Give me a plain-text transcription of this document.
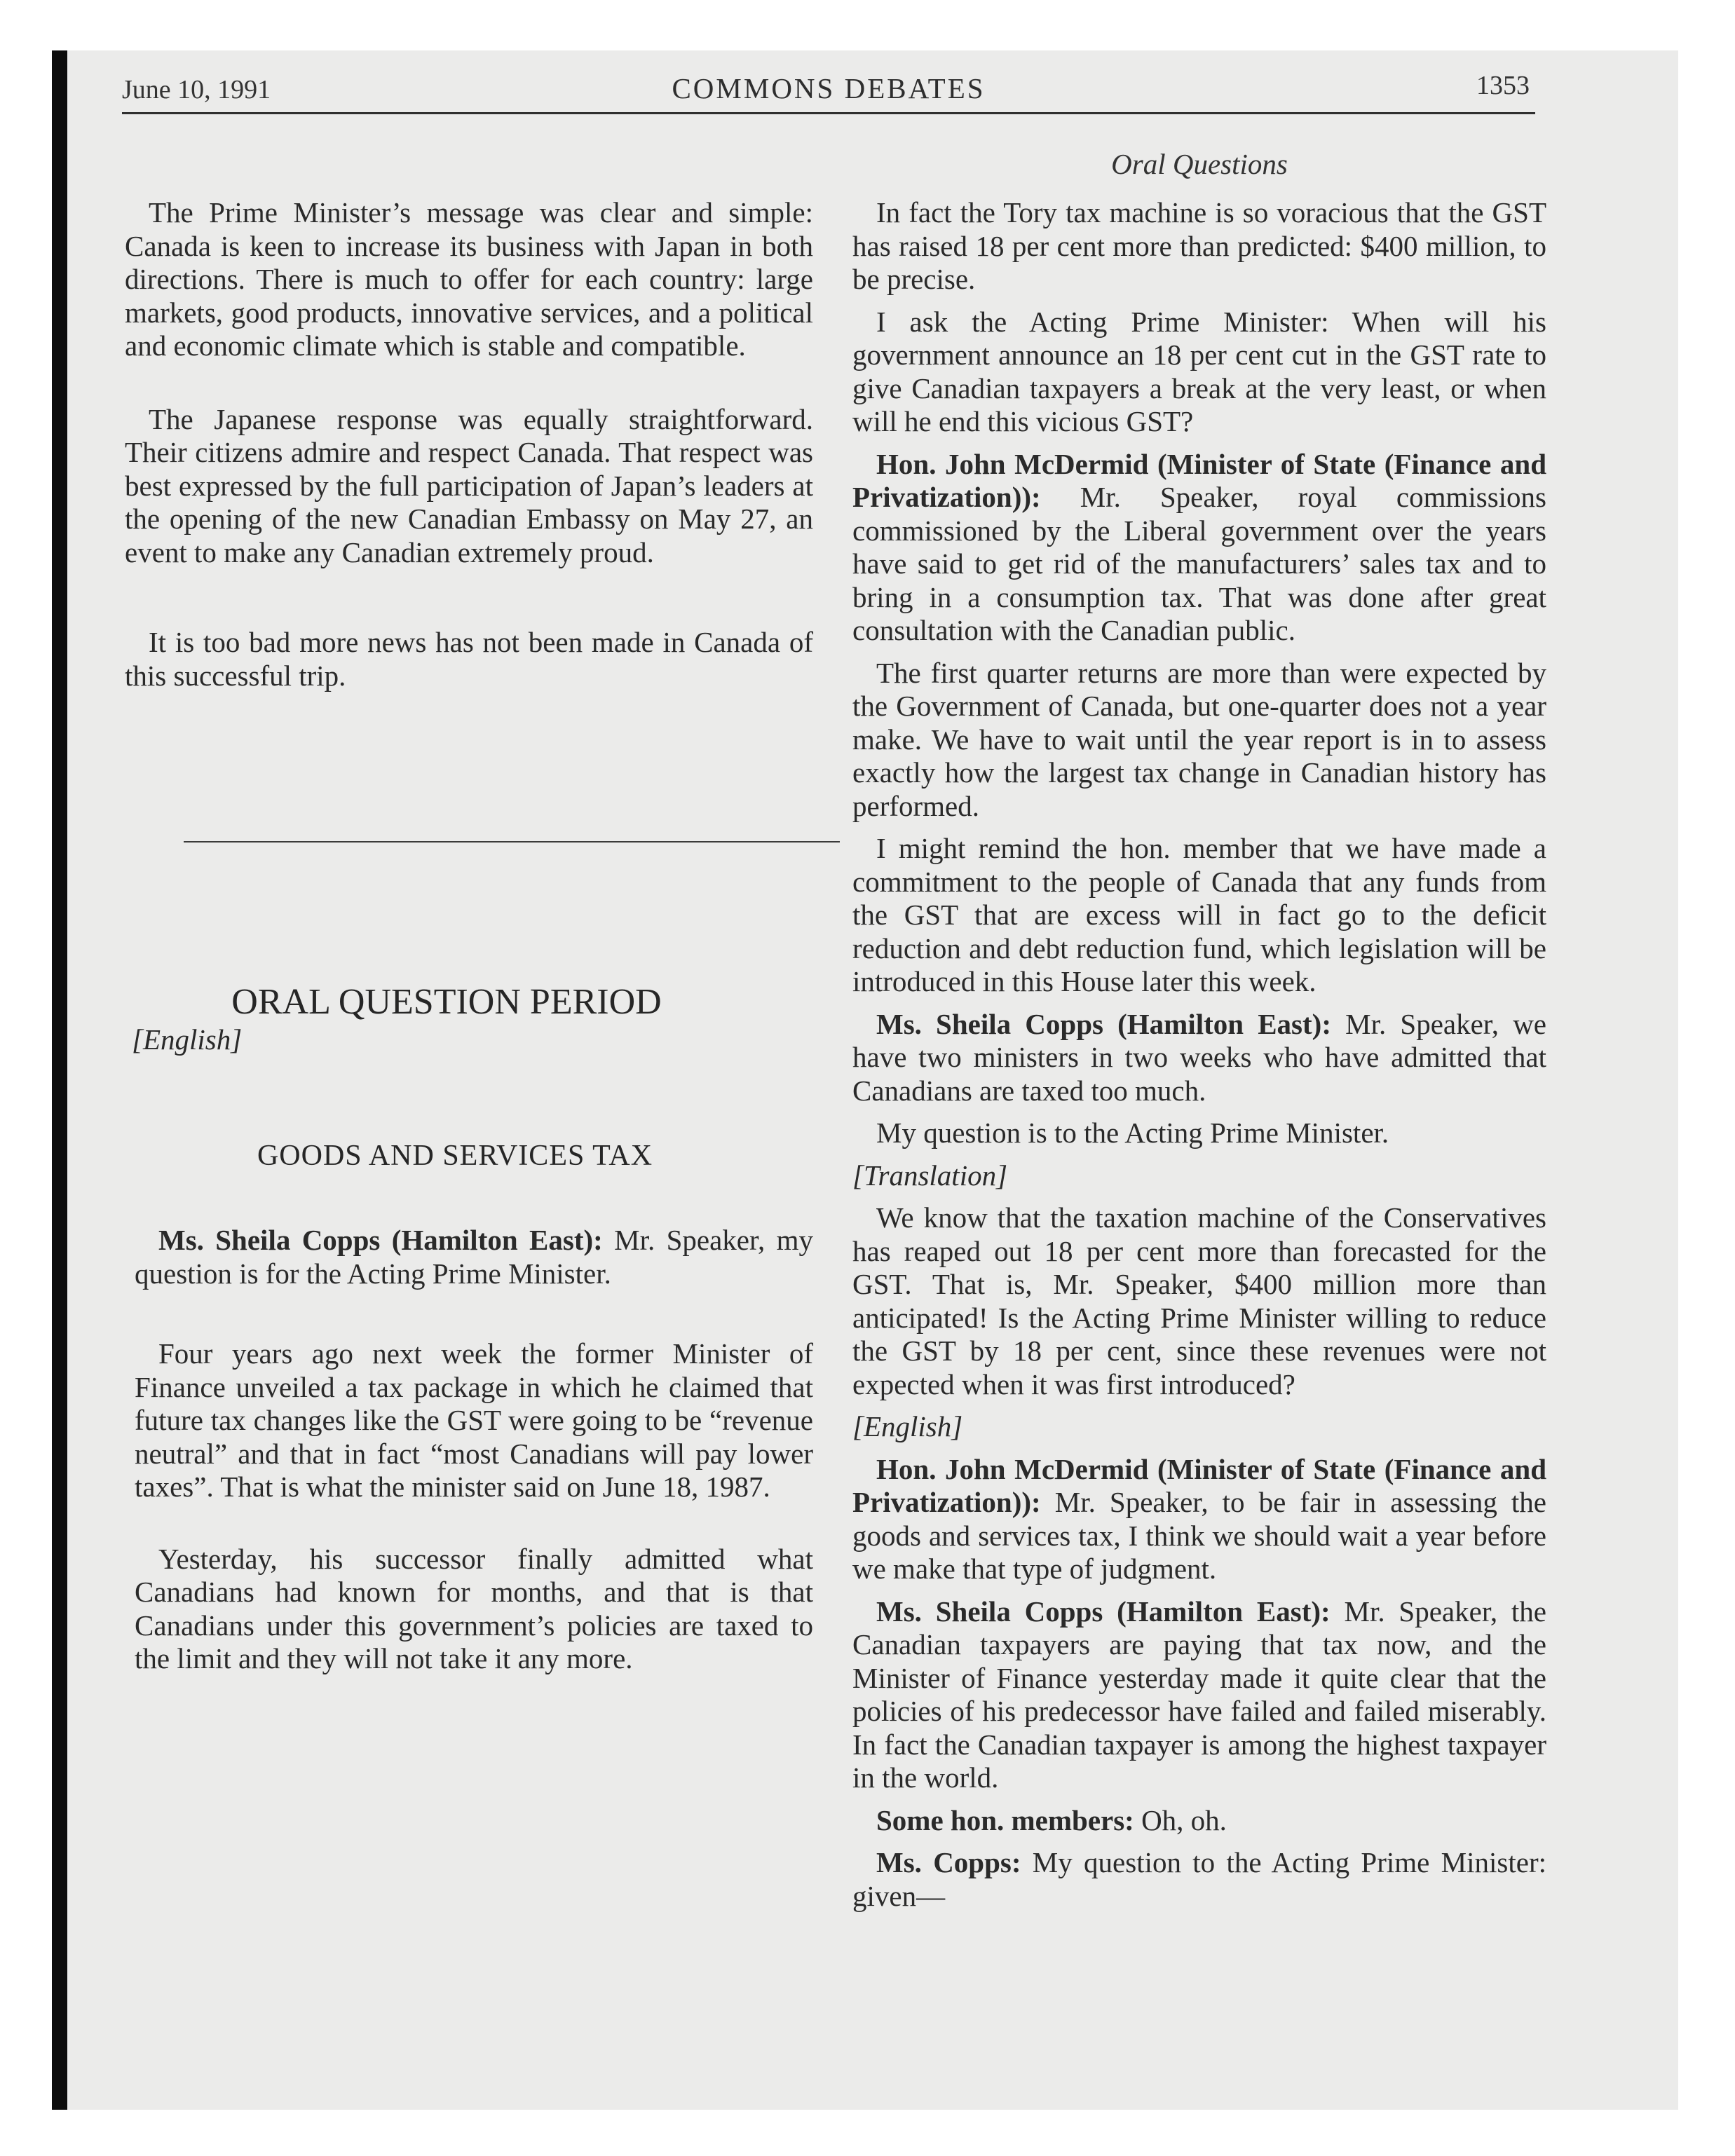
June 10, 1991	COMMONS DEBATES	1353
Oral Questions

The Prime Minister’s message was clear and simple: Canada is keen to increase its business with Japan in both directions. There is much to offer for each country: large markets, good products, innovative services, and a political and economic climate which is stable and compatible.

The Japanese response was equally straightforward. Their citizens admire and respect Canada. That respect was best expressed by the full participation of Japan’s leaders at the opening of the new Canadian Embassy on May 27, an event to make any Canadian extremely proud.

It is too bad more news has not been made in Canada of this successful trip.

ORAL QUESTION PERIOD

[English]

GOODS AND SERVICES TAX

Ms. Sheila Copps (Hamilton East): Mr. Speaker, my question is for the Acting Prime Minister.

Four years ago next week the former Minister of Finance unveiled a tax package in which he claimed that future tax changes like the GST were going to be “revenue neutral” and that in fact “most Canadians will pay lower taxes”. That is what the minister said on June 18, 1987.

Yesterday, his successor finally admitted what Canadians had known for months, and that is that Canadians under this government’s policies are taxed to the limit and they will not take it any more.

In fact the Tory tax machine is so voracious that the GST has raised 18 per cent more than predicted: $400 million, to be precise.

I ask the Acting Prime Minister: When will his government announce an 18 per cent cut in the GST rate to give Canadian taxpayers a break at the very least, or when will he end this vicious GST?

Hon. John McDermid (Minister of State (Finance and Privatization)): Mr. Speaker, royal commissions commissioned by the Liberal government over the years have said to get rid of the manufacturers’ sales tax and to bring in a consumption tax. That was done after great consultation with the Canadian public.

The first quarter returns are more than were expected by the Government of Canada, but one-quarter does not a year make. We have to wait until the year report is in to assess exactly how the largest tax change in Canadian history has performed.

I might remind the hon. member that we have made a commitment to the people of Canada that any funds from the GST that are excess will in fact go to the deficit reduction and debt reduction fund, which legislation will be introduced in this House later this week.

Ms. Sheila Copps (Hamilton East): Mr. Speaker, we have two ministers in two weeks who have admitted that Canadians are taxed too much.

My question is to the Acting Prime Minister.

[Translation]

We know that the taxation machine of the Conservatives has reaped out 18 per cent more than forecasted for the GST. That is, Mr. Speaker, $400 million more than anticipated! Is the Acting Prime Minister willing to reduce the GST by 18 per cent, since these revenues were not expected when it was first introduced?

[English]

Hon. John McDermid (Minister of State (Finance and Privatization)): Mr. Speaker, to be fair in assessing the goods and services tax, I think we should wait a year before we make that type of judgment.

Ms. Sheila Copps (Hamilton East): Mr. Speaker, the Canadian taxpayers are paying that tax now, and the Minister of Finance yesterday made it quite clear that the policies of his predecessor have failed and failed miserably. In fact the Canadian taxpayer is among the highest taxpayer in the world.

Some hon. members: Oh, oh.

Ms. Copps: My question to the Acting Prime Minister: given—
